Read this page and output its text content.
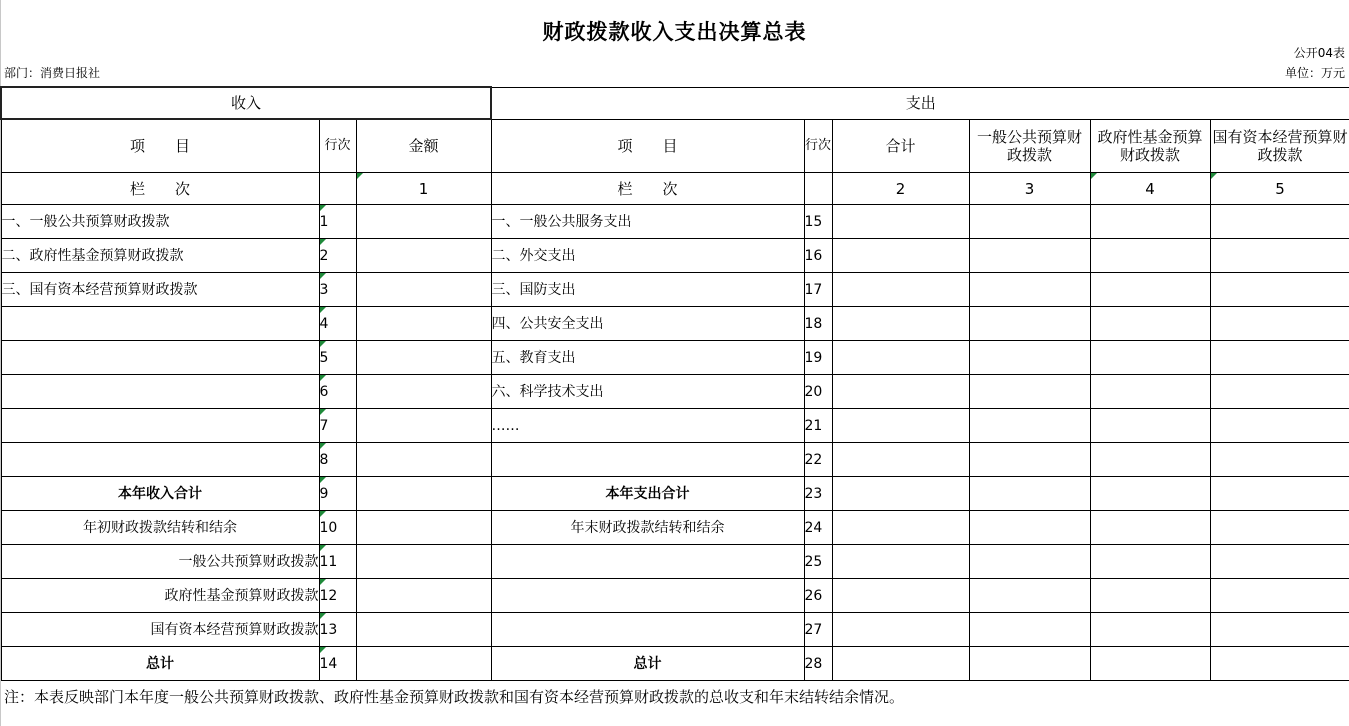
财政拨款收入支出决算总表
公开04表
部门：消费日报社	单位：万元
收入			支出					
项　　目	行次	金额	项　　目	行次	合计	一般公共预算财政拨款	政府性基金预算财政拨款	国有资本经营预算财政拨款
栏　　次		1	栏　　次		2	3	4	5
一、一般公共预算财政拨款	1		一、一般公共服务支出	15				
二、政府性基金预算财政拨款	2		二、外交支出	16				
三、国有资本经营预算财政拨款	3		三、国防支出	17				
	4		四、公共安全支出	18				
	5		五、教育支出	19				
	6		六、科学技术支出	20				
	7		……	21				
	8			22				
本年收入合计	9		本年支出合计	23				
年初财政拨款结转和结余	10		年末财政拨款结转和结余	24				
一般公共预算财政拨款	11			25				
政府性基金预算财政拨款	12			26				
国有资本经营预算财政拨款	13			27				
总计	14		总计	28				
注：本表反映部门本年度一般公共预算财政拨款、政府性基金预算财政拨款和国有资本经营预算财政拨款的总收支和年末结转结余情况。
